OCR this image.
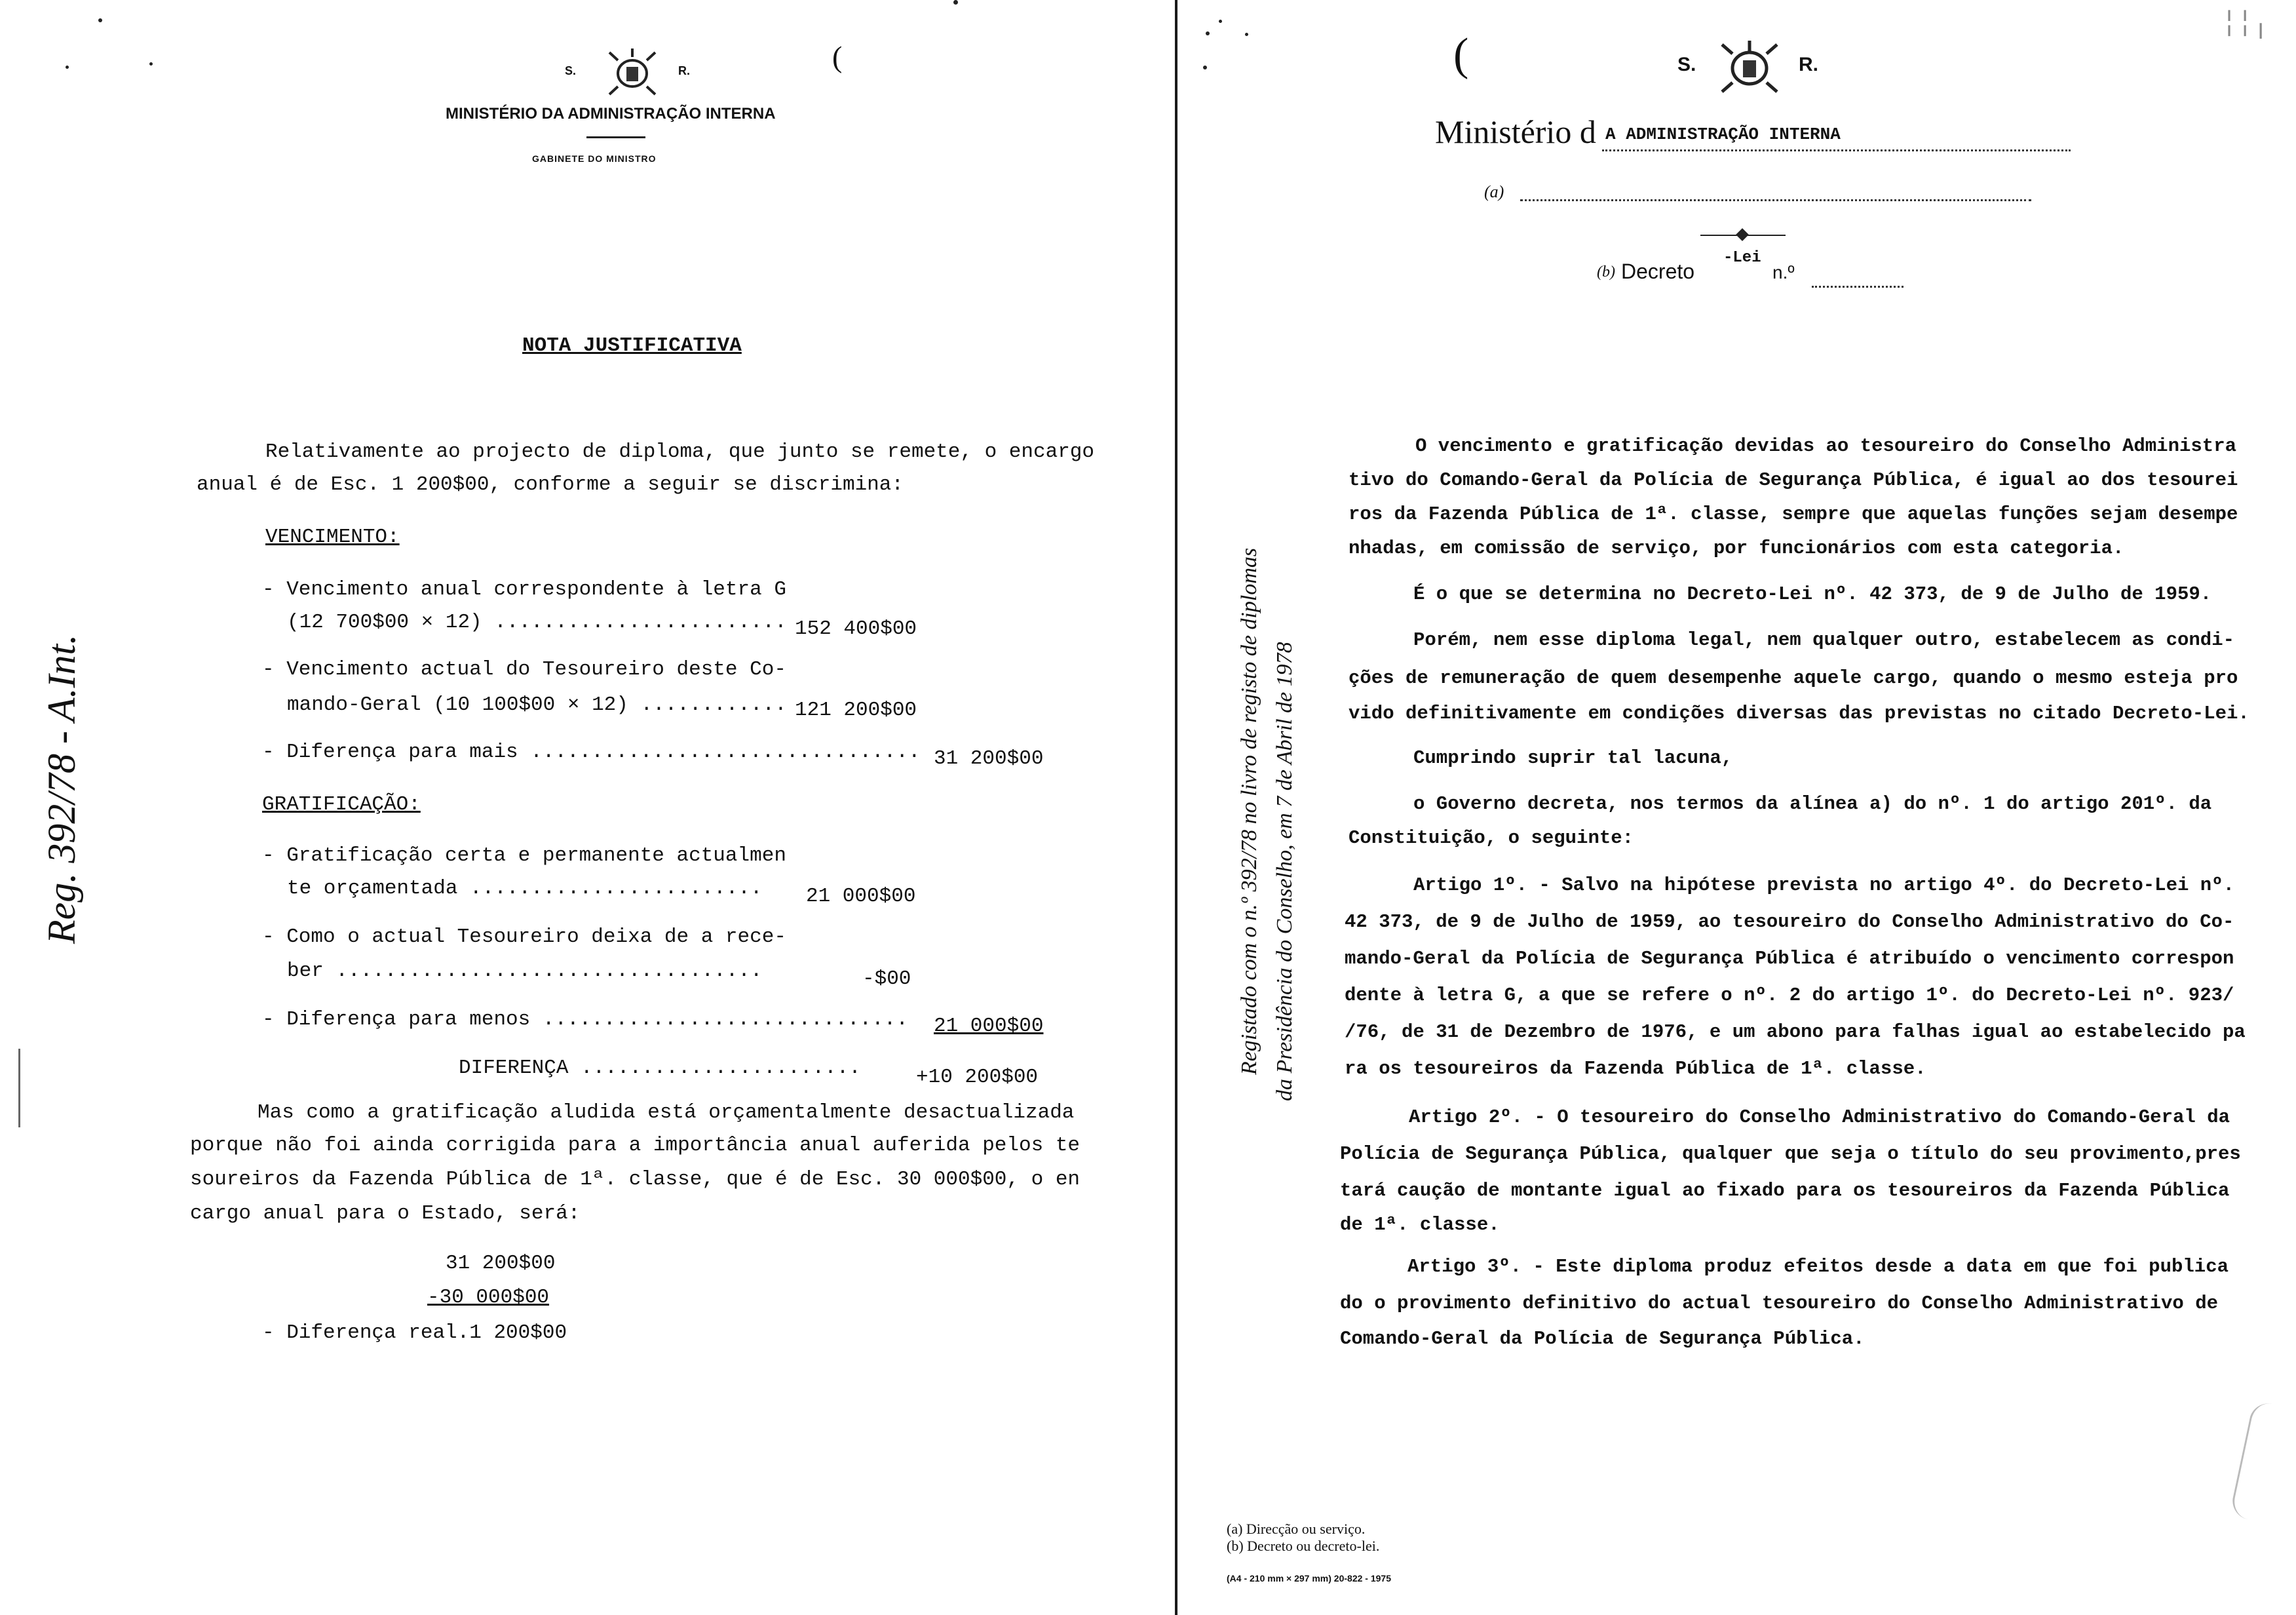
S.	R.
MINISTÉRIO DA ADMINISTRAÇÃO INTERNA
GABINETE DO MINISTRO
(
NOTA JUSTIFICATIVA
Relativamente ao projecto de diploma, que junto se remete, o encargo
anual é de Esc. 1 200$00, conforme a seguir se discrimina:
VENCIMENTO:
- Vencimento anual correspondente à letra G
(12 700$00 × 12) ........................ 152 400$00
- Vencimento actual do Tesoureiro deste Co-
mando-Geral (10 100$00 × 12) ............ 121 200$00
- Diferença para mais ................................ 31 200$00
GRATIFICAÇÃO:
- Gratificação certa e permanente actualmen
te orçamentada ........................ 21 000$00
- Como o actual Tesoureiro deixa de a rece-
ber ...................................	-$00
- Diferença para menos .............................. 21 000$00
DIFERENÇA .......................	+10 200$00
Mas como a gratificação aludida está orçamentalmente desactualizada
porque não foi ainda corrigida para a importância anual auferida pelos te
soureiros da Fazenda Pública de 1ª. classe, que é de Esc. 30 000$00, o en
cargo anual para o Estado, será:
31 200$00
-30 000$00
- Diferença real.1 200$00
Reg. 392/78 - A.Int.
(	S.	R.
Ministério d A ADMINISTRAÇÃO INTERNA
(a)
(b) Decreto
-Lei
n.º
O vencimento e gratificação devidas ao tesoureiro do Conselho Administra
tivo do Comando-Geral da Polícia de Segurança Pública, é igual ao dos tesourei
ros da Fazenda Pública de 1ª. classe, sempre que aquelas funções sejam desempe
nhadas, em comissão de serviço, por funcionários com esta categoria.
É o que se determina no Decreto-Lei nº. 42 373, de 9 de Julho de 1959.
Porém, nem esse diploma legal, nem qualquer outro, estabelecem as condi-
ções de remuneração de quem desempenhe aquele cargo, quando o mesmo esteja pro
vido definitivamente em condições diversas das previstas no citado Decreto-Lei.
Cumprindo suprir tal lacuna,
o Governo decreta, nos termos da alínea a) do nº. 1 do artigo 201º. da
Constituição, o seguinte:
Artigo 1º. - Salvo na hipótese prevista no artigo 4º. do Decreto-Lei nº.
42 373, de 9 de Julho de 1959, ao tesoureiro do Conselho Administrativo do Co-
mando-Geral da Polícia de Segurança Pública é atribuído o vencimento correspon
dente à letra G, a que se refere o nº. 2 do artigo 1º. do Decreto-Lei nº. 923/
/76, de 31 de Dezembro de 1976, e um abono para falhas igual ao estabelecido pa
ra os tesoureiros da Fazenda Pública de 1ª. classe.
Artigo 2º. - O tesoureiro do Conselho Administrativo do Comando-Geral da
Polícia de Segurança Pública, qualquer que seja o título do seu provimento,pres
tará caução de montante igual ao fixado para os tesoureiros da Fazenda Pública
de 1ª. classe.
Artigo 3º. - Este diploma produz efeitos desde a data em que foi publica
do o provimento definitivo do actual tesoureiro do Conselho Administrativo de
Comando-Geral da Polícia de Segurança Pública.
Registado com o n.º 392/78 no livro de registo de diplomas da Presidência do Conselho, em 7 de Abril de 1978
(a) Direcção ou serviço.
(b) Decreto ou decreto-lei.
(A4 - 210 mm × 297 mm) 20-822 - 1975
╎╎╷
